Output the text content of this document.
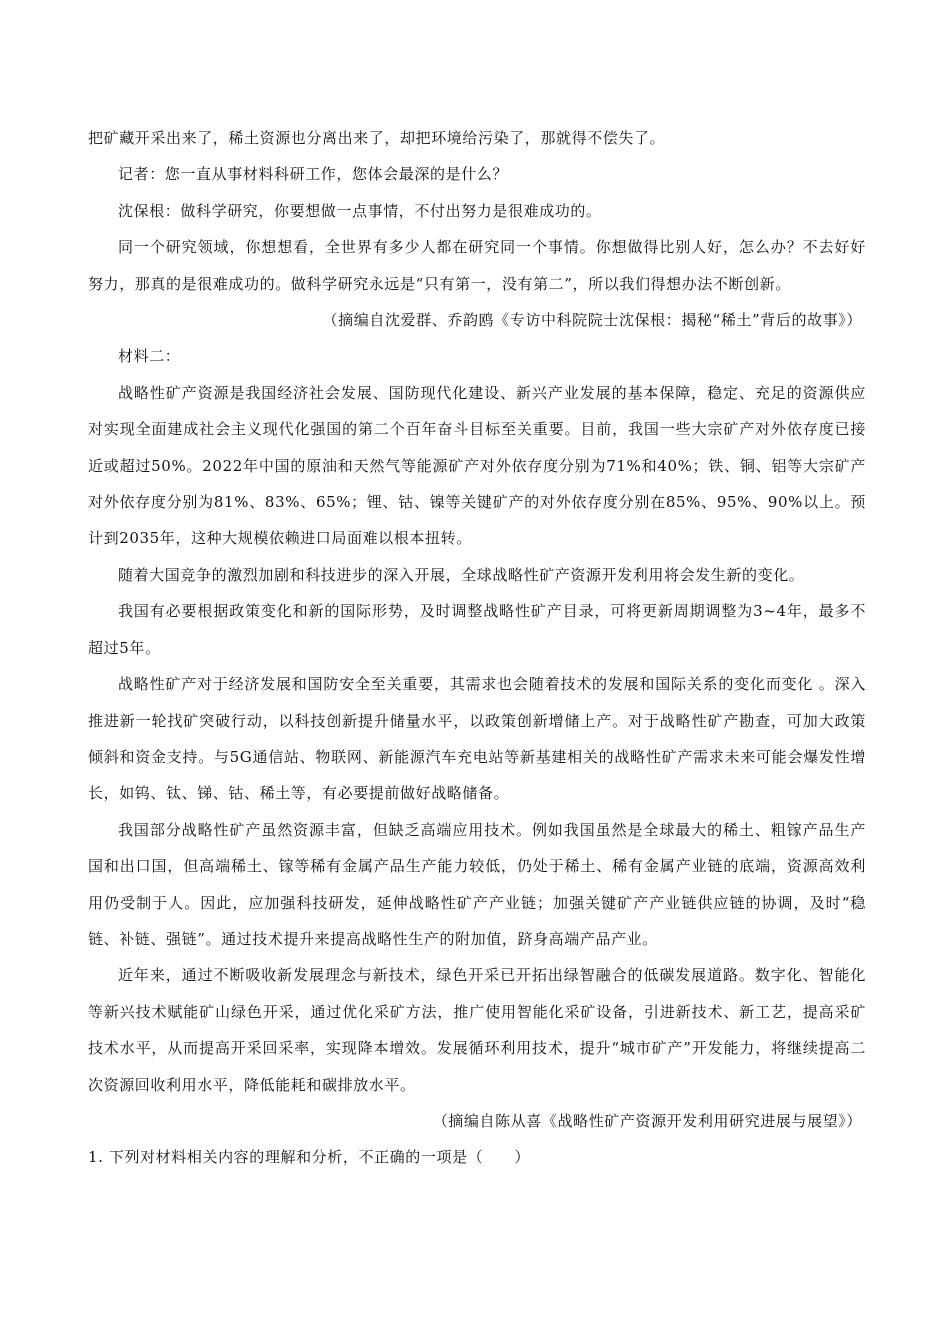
把矿藏开采出来了，稀土资源也分离出来了，却把环境给污染了，那就得不偿失了。

记者：您一直从事材料科研工作，您体会最深的是什么？

沈保根：做科学研究，你要想做一点事情，不付出努力是很难成功的。

同一个研究领域，你想想看，全世界有多少人都在研究同一个事情。你想做得比别人好，怎么办？不去好好努力，那真的是很难成功的。做科学研究永远是“只有第一，没有第二”，所以我们得想办法不断创新。

（摘编自沈爱群、乔韵鸥《专访中科院院士沈保根：揭秘“稀土”背后的故事》）

材料二：

战略性矿产资源是我国经济社会发展、国防现代化建设、新兴产业发展的基本保障，稳定、充足的资源供应对实现全面建成社会主义现代化强国的第二个百年奋斗目标至关重要。目前，我国一些大宗矿产对外依存度已接近或超过50%。2022年中国的原油和天然气等能源矿产对外依存度分别为71%和40%；铁、铜、铝等大宗矿产对外依存度分别为81%、83%、65%；锂、钴、镍等关键矿产的对外依存度分别在85%、95%、90%以上。预计到2035年，这种大规模依赖进口局面难以根本扭转。

随着大国竞争的激烈加剧和科技进步的深入开展，全球战略性矿产资源开发利用将会发生新的变化。

我国有必要根据政策变化和新的国际形势，及时调整战略性矿产目录，可将更新周期调整为3~4年，最多不超过5年。

战略性矿产对于经济发展和国防安全至关重要，其需求也会随着技术的发展和国际关系的变化而变化 。深入推进新一轮找矿突破行动，以科技创新提升储量水平，以政策创新增储上产。对于战略性矿产勘查，可加大政策倾斜和资金支持。与5G通信站、物联网、新能源汽车充电站等新基建相关的战略性矿产需求未来可能会爆发性增长，如钨、钛、锑、钴、稀土等，有必要提前做好战略储备。

我国部分战略性矿产虽然资源丰富，但缺乏高端应用技术。例如我国虽然是全球最大的稀土、粗镓产品生产国和出口国，但高端稀土、镓等稀有金属产品生产能力较低，仍处于稀土、稀有金属产业链的底端，资源高效利用仍受制于人。因此，应加强科技研发，延伸战略性矿产产业链；加强关键矿产产业链供应链的协调，及时“稳链、补链、强链”。通过技术提升来提高战略性生产的附加值，跻身高端产品产业。

近年来，通过不断吸收新发展理念与新技术，绿色开采已开拓出绿智融合的低碳发展道路。数字化、智能化等新兴技术赋能矿山绿色开采，通过优化采矿方法，推广使用智能化采矿设备，引进新技术、新工艺，提高采矿技术水平，从而提高开采回采率，实现降本增效。发展循环利用技术，提升“城市矿产”开发能力，将继续提高二次资源回收利用水平，降低能耗和碳排放水平。

（摘编自陈从喜《战略性矿产资源开发利用研究进展与展望》）

1. 下列对材料相关内容的理解和分析，不正确的一项是（　　）
